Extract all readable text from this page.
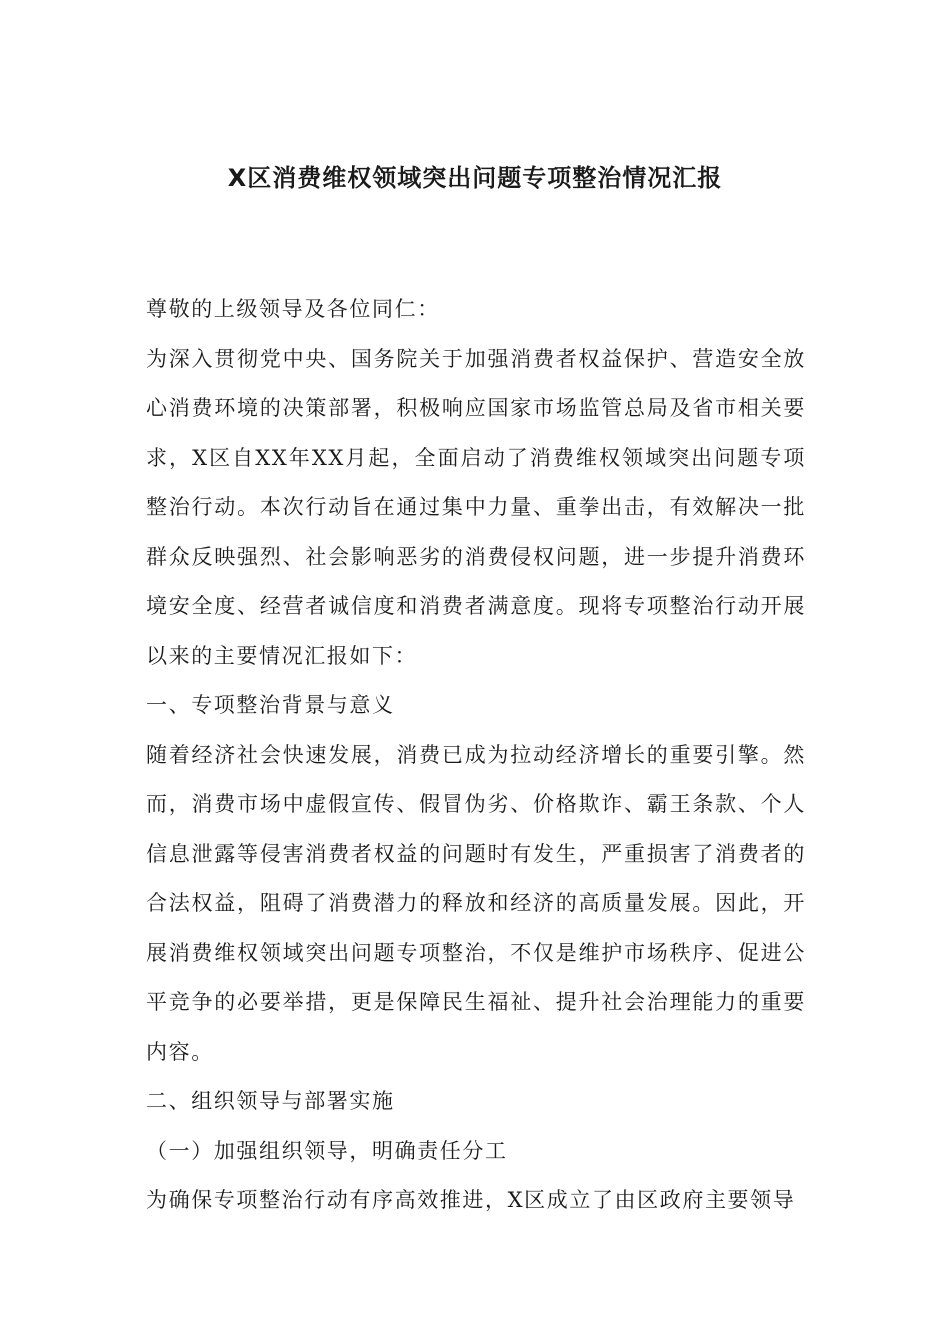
X区消费维权领域突出问题专项整治情况汇报

尊敬的上级领导及各位同仁：

为深入贯彻党中央、国务院关于加强消费者权益保护、营造安全放心消费环境的决策部署，积极响应国家市场监管总局及省市相关要求，X区自XX年XX月起，全面启动了消费维权领域突出问题专项整治行动。本次行动旨在通过集中力量、重拳出击，有效解决一批群众反映强烈、社会影响恶劣的消费侵权问题，进一步提升消费环境安全度、经营者诚信度和消费者满意度。现将专项整治行动开展以来的主要情况汇报如下：

一、专项整治背景与意义

随着经济社会快速发展，消费已成为拉动经济增长的重要引擎。然而，消费市场中虚假宣传、假冒伪劣、价格欺诈、霸王条款、个人信息泄露等侵害消费者权益的问题时有发生，严重损害了消费者的合法权益，阻碍了消费潜力的释放和经济的高质量发展。因此，开展消费维权领域突出问题专项整治，不仅是维护市场秩序、促进公平竞争的必要举措，更是保障民生福祉、提升社会治理能力的重要内容。

二、组织领导与部署实施
（一）加强组织领导，明确责任分工

为确保专项整治行动有序高效推进，X区成立了由区政府主要领导
